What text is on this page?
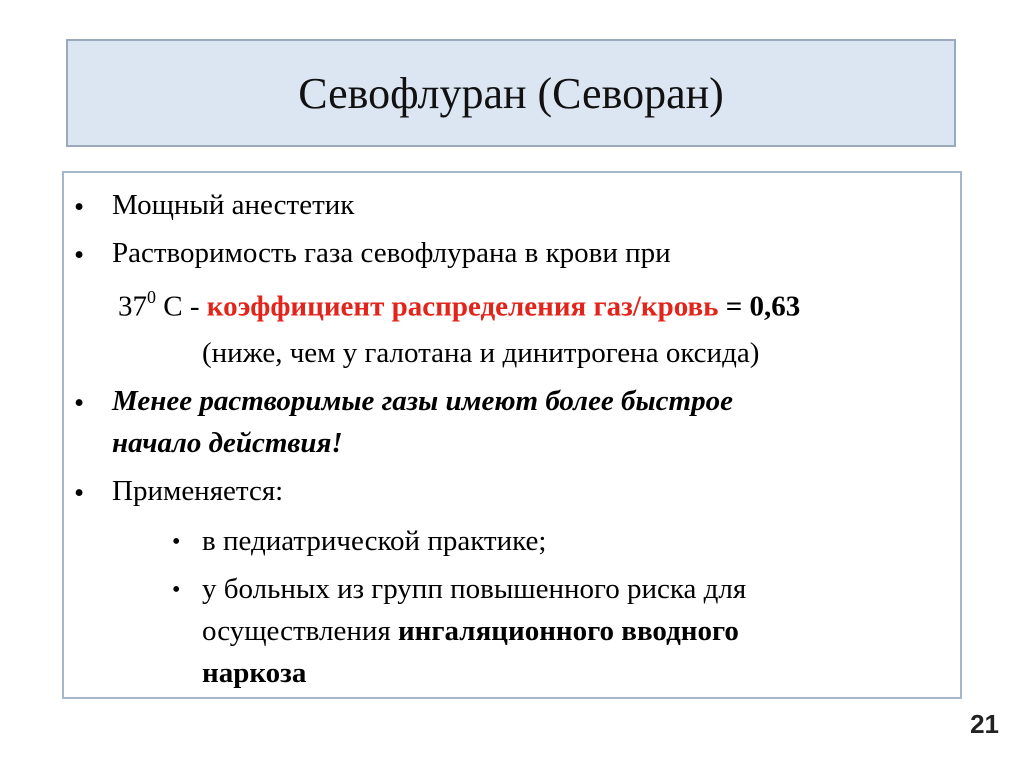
Севофлуран (Севоран)
• Мощный анестетик
• Растворимость газа севофлурана в крови при
$37^0$ С - коэффициент распределения газ/кровь = 0,63
(ниже, чем у галотана и динитрогена оксида)
• Менее растворимые газы имеют более быстрое
начало действия!
• Применяется:
• в педиатрической практике;
• у больных из групп повышенного риска для
осуществления ингаляционного вводного
наркоза
21
